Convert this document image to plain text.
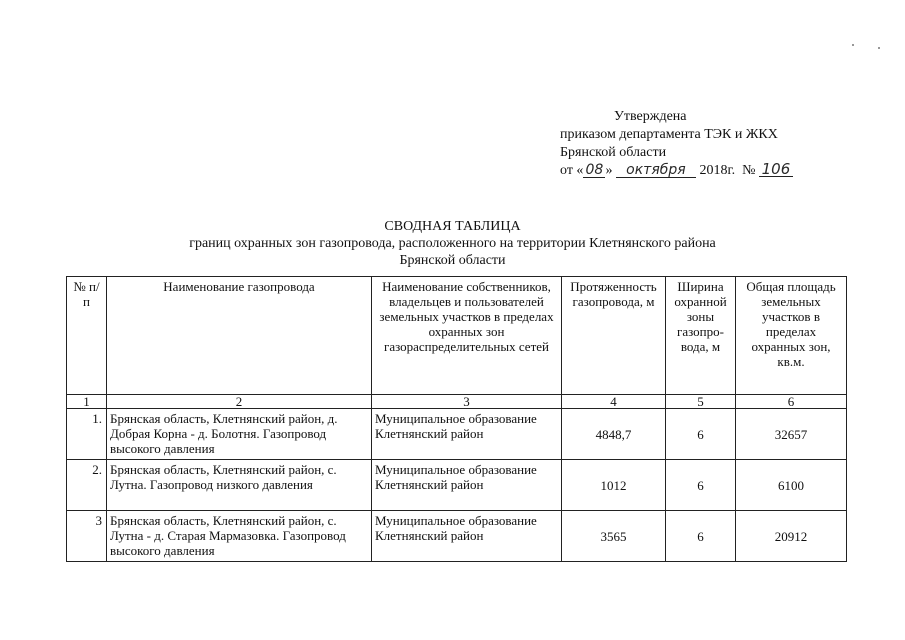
Утверждена
приказом департамента ТЭК и ЖКХ
Брянской области
от « 08 » октября 2018г. № 106
СВОДНАЯ ТАБЛИЦА
границ охранных зон газопровода, расположенного на территории Клетнянского района
Брянской области
№ п/п	Наименование газопровода	Наименование собственников, владельцев и пользователей земельных участков в пределах охранных зон газораспределительных сетей	Протяженность газопровода, м	Ширина охранной зоны газопро-вода, м	Общая площадь земельных участков в пределах охранных зон, кв.м.
1	2	3	4	5	6
1.	Брянская область, Клетнянский район, д. Добрая Корна - д. Болотня. Газопровод высокого давления	Муниципальное образование Клетнянский район	4848,7	6	32657
2.	Брянская область, Клетнянский район, с. Лутна. Газопровод низкого давления	Муниципальное образование Клетнянский район	1012	6	6100
3	Брянская область, Клетнянский район, с. Лутна - д. Старая Мармазовка. Газопровод высокого давления	Муниципальное образование Клетнянский район	3565	6	20912
